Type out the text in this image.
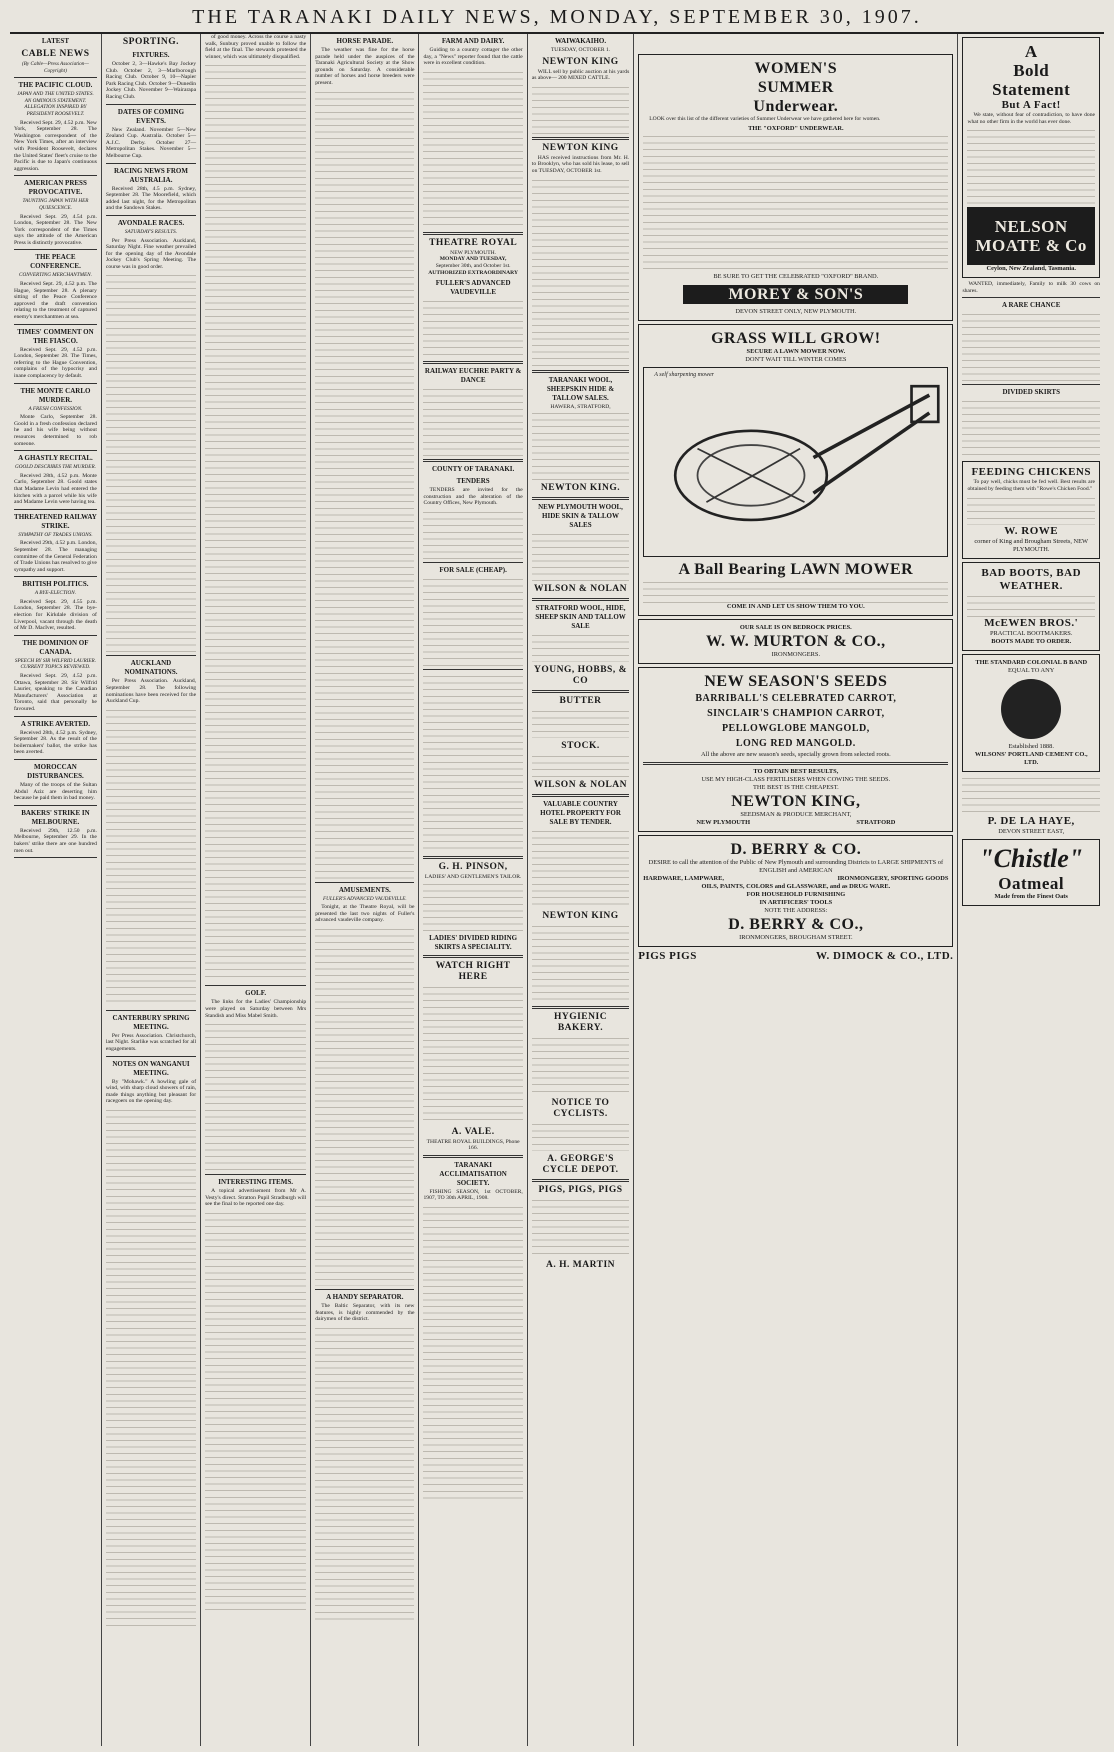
THE TARANAKI DAILY NEWS, MONDAY, SEPTEMBER 30, 1907.
LATEST
CABLE NEWS
(By Cable—Press Association—Copyright)
THE PACIFIC CLOUD.
JAPAN AND THE UNITED STATES. AN OMINOUS STATEMENT. ALLEGATION INSPIRED BY PRESIDENT ROOSEVELT.
Received Sept. 29, 4.52 p.m. New York, September 28. The Washington correspondent of the New York Times, after an interview with President Roosevelt, declares the United States' fleet's cruise to the Pacific is due to Japan's continuous aggression.
AMERICAN PRESS PROVOCATIVE.
TAUNTING JAPAN WITH HER QUIESCENCE.
Received Sept. 29, 4.54 p.m. London, September 28. The New York correspondent of the Times says the attitude of the American Press is distinctly provocative.
THE PEACE CONFERENCE.
CONVERTING MERCHANTMEN.
Received Sept. 29, 4.52 p.m. The Hague, September 28. A plenary sitting of the Peace Conference approved the draft convention relating to the treatment of captured enemy's merchantmen at sea.
TIMES' COMMENT ON THE FIASCO.
Received Sept. 29, 4.52 p.m. London, September 28. The Times, referring to the Hague Convention, complains of the hypocrisy and inane complacency by default.
THE MONTE CARLO MURDER.
A FRESH CONFESSION.
Monte Carlo, September 28. Goold in a fresh confession declared he and his wife being without resources determined to rob someone.
A GHASTLY RECITAL.
GOOLD DESCRIBES THE MURDER.
Received 28th, 4.52 p.m. Monte Carlo, September 28. Goold states that Madame Levin had entered the kitchen with a parcel while his wife and Madame Levin were having tea.
THREATENED RAILWAY STRIKE.
SYMPATHY OF TRADES UNIONS.
Received 29th, 4.52 p.m. London, September 28. The managing committee of the General Federation of Trade Unions has resolved to give sympathy and support.
BRITISH POLITICS.
A BYE-ELECTION.
Received Sept. 29, 4.55 p.m. London, September 28. The bye-election for Kirkdale division of Liverpool, vacant through the death of Mr D. MacIver, resulted.
THE DOMINION OF CANADA.
SPEECH BY SIR WILFRID LAURIER. CURRENT TOPICS REVIEWED.
Received Sept. 29, 4.52 p.m. Ottawa, September 28. Sir Wilfrid Laurier, speaking to the Canadian Manufacturers' Association at Toronto, said that personally he favoured.
A STRIKE AVERTED.
Received 28th, 4.52 p.m. Sydney, September 28. As the result of the boilermakers' ballot, the strike has been averted.
MOROCCAN DISTURBANCES.
Many of the troops of the Sultan Abdul Aziz are deserting him because he paid them in bad money.
BAKERS' STRIKE IN MELBOURNE.
Received 29th, 12.50 p.m. Melbourne, September 29. In the bakers' strike there are one hundred men out.
SPORTING.
FIXTURES.
October 2, 3—Hawke's Bay Jockey Club. October 2, 3—Marlborough Racing Club. October 9, 10—Napier Park Racing Club. October 9—Dunedin Jockey Club. November 9—Wairarapa Racing Club.
DATES OF COMING EVENTS.
New Zealand. November 5—New Zealand Cup. Australia. October 5—A.J.C. Derby. October 27—Metropolitan Stakes. November 5—Melbourne Cup.
RACING NEWS FROM AUSTRALIA.
Received 28th, 4.5 p.m. Sydney, September 28. The Moorefield, which added last night, for the Metropolitan and the Sandown Stakes.
AVONDALE RACES.
SATURDAY'S RESULTS.
Per Press Association. Auckland, Saturday Night. Fine weather prevailed for the opening day of the Avondale Jockey Club's Spring Meeting. The course was in good order.
AUCKLAND NOMINATIONS.
Per Press Association. Auckland, September 28. The following nominations have been received for the Auckland Cup.
CANTERBURY SPRING MEETING.
Per Press Association. Christchurch, last Night. Starlike was scratched for all engagements.
NOTES ON WANGANUI MEETING.
By "Mohawk." A howling gale of wind, with sharp cloud showers of rain, made things anything but pleasant for racegoers on the opening day.
of good money. Across the course a nasty walk, Sunbury proved unable to follow the field at the final. The stewards protested the winner, which was ultimately disqualified.
GOLF.
The links for the Ladies' Championship were played on Saturday between Mrs Standish and Miss Mabel Smith.
INTERESTING ITEMS.
A topical advertisement from Mr A. Vesty's direct. Stratton Pupil Stradburgh will see the final to be reported one day.
HORSE PARADE.
The weather was fine for the horse parade held under the auspices of the Taranaki Agricultural Society at the Show grounds on Saturday. A considerable number of horses and horse breeders were present.
AMUSEMENTS.
FULLER'S ADVANCED VAUDEVILLE.
Tonight, at the Theatre Royal, will be presented the last two nights of Fuller's advanced vaudeville company.
A HANDY SEPARATOR.
The Baltic Separator, with its new features, is highly commended by the dairymen of the district.
FARM AND DAIRY.
Guiding to a country cottager the other day, a "News" reporter found that the cattle were in excellent condition.
THEATRE ROYAL
NEW PLYMOUTH.
MONDAY AND TUESDAY,
September 30th, and October 1st.
AUTHORIZED EXTRAORDINARY
FULLER'S ADVANCED VAUDEVILLE
RAILWAY EUCHRE PARTY & DANCE
COUNTY OF TARANAKI.
TENDERS
TENDERS are invited for the construction and the alteration of the Country Offices, New Plymouth.
FOR SALE (CHEAP).
G. H. PINSON,
LADIES' AND GENTLEMEN'S TAILOR.
LADIES' DIVIDED RIDING SKIRTS A SPECIALITY.
WATCH RIGHT HERE
A. VALE.
THEATRE ROYAL BUILDINGS, Phone 166.
TARANAKI ACCLIMATISATION SOCIETY.
FISHING SEASON, 1st OCTOBER, 1907, TO 30th APRIL, 1908.
WAIWAKAIHO.
TUESDAY, OCTOBER 1.
NEWTON KING
WILL sell by public auction at his yards as above— 200 MIXED CATTLE.
NEWTON KING
HAS received instructions from Mr. H. to Brooklyn, who has sold his lease, to sell on TUESDAY, OCTOBER 1st.
TARANAKI WOOL, SHEEPSKIN HIDE & TALLOW SALES.
HAWERA, STRATFORD,
NEWTON KING.
NEW PLYMOUTH WOOL, HIDE SKIN & TALLOW SALES
WILSON & NOLAN
STRATFORD WOOL, HIDE, SHEEP SKIN AND TALLOW SALE
YOUNG, HOBBS, & CO
BUTTER
STOCK.
WILSON & NOLAN
VALUABLE COUNTRY HOTEL PROPERTY FOR SALE BY TENDER.
NEWTON KING
HYGIENIC BAKERY.
NOTICE TO CYCLISTS.
A. GEORGE'S CYCLE DEPOT.
PIGS, PIGS, PIGS
A. H. MARTIN
WOMEN'S
SUMMER
Underwear.
LOOK over this list of the different varieties of Summer Underwear we have gathered here for women.
THE "OXFORD" UNDERWEAR.
BE SURE TO GET THE CELEBRATED "OXFORD" BRAND.
MOREY & SON'S
DEVON STREET ONLY, NEW PLYMOUTH.
GRASS WILL GROW!
SECURE A LAWN MOWER NOW.
DON'T WAIT TILL WINTER COMES
A self sharpening mower
A Ball Bearing LAWN MOWER
COME IN AND LET US SHOW THEM TO YOU.
OUR SALE IS ON BEDROCK PRICES.
W. W. MURTON & CO.,
IRONMONGERS.
NEW SEASON'S SEEDS
BARRIBALL'S CELEBRATED CARROT,
SINCLAIR'S CHAMPION CARROT,
PELLOWGLOBE MANGOLD,
LONG RED MANGOLD.
All the above are new season's seeds, specially grown from selected roots.
TO OBTAIN BEST RESULTS,
USE MY HIGH-CLASS FERTILISERS WHEN COWING THE SEEDS.
THE BEST IS THE CHEAPEST.
NEWTON KING,
SEEDSMAN & PRODUCE MERCHANT,
NEW PLYMOUTH	STRATFORD
D. BERRY & CO.
DESIRE to call the attention of the Public of New Plymouth and surrounding Districts to LARGE SHIPMENTS of ENGLISH and AMERICAN
HARDWARE, LAMPWARE,	IRONMONGERY, SPORTING GOODS
OILS, PAINTS, COLORS and GLASSWARE, and as DRUG WARE.
FOR HOUSEHOLD FURNISHING
IN ARTIFICERS' TOOLS
NOTE THE ADDRESS:
D. BERRY & CO.,
IRONMONGERS, BROUGHAM STREET.
PIGS PIGS	W. DIMOCK & CO., LTD.
A
Bold
Statement
But A Fact!
We state, without fear of contradiction, to have done what no other firm in the world has ever done.
NELSON MOATE & Co
Ceylon, New Zealand, Tasmania.
WANTED, immediately, Family to milk 30 cows on shares.
A RARE CHANCE
DIVIDED SKIRTS
FEEDING CHICKENS
To pay well, chicks must be fed well. Best results are obtained by feeding them with "Rowe's Chicken Food."
W. ROWE
corner of King and Brougham Streets, NEW PLYMOUTH.
BAD BOOTS, BAD WEATHER.
McEWEN BROS.'
PRACTICAL BOOTMAKERS.
BOOTS MADE TO ORDER.
THE STANDARD COLONIAL B BAND
EQUAL TO ANY
Established 1888.
WILSONS' PORTLAND CEMENT CO., LTD.
P. DE LA HAYE,
DEVON STREET EAST,
"Chistle"
Oatmeal
Made from the Finest Oats
